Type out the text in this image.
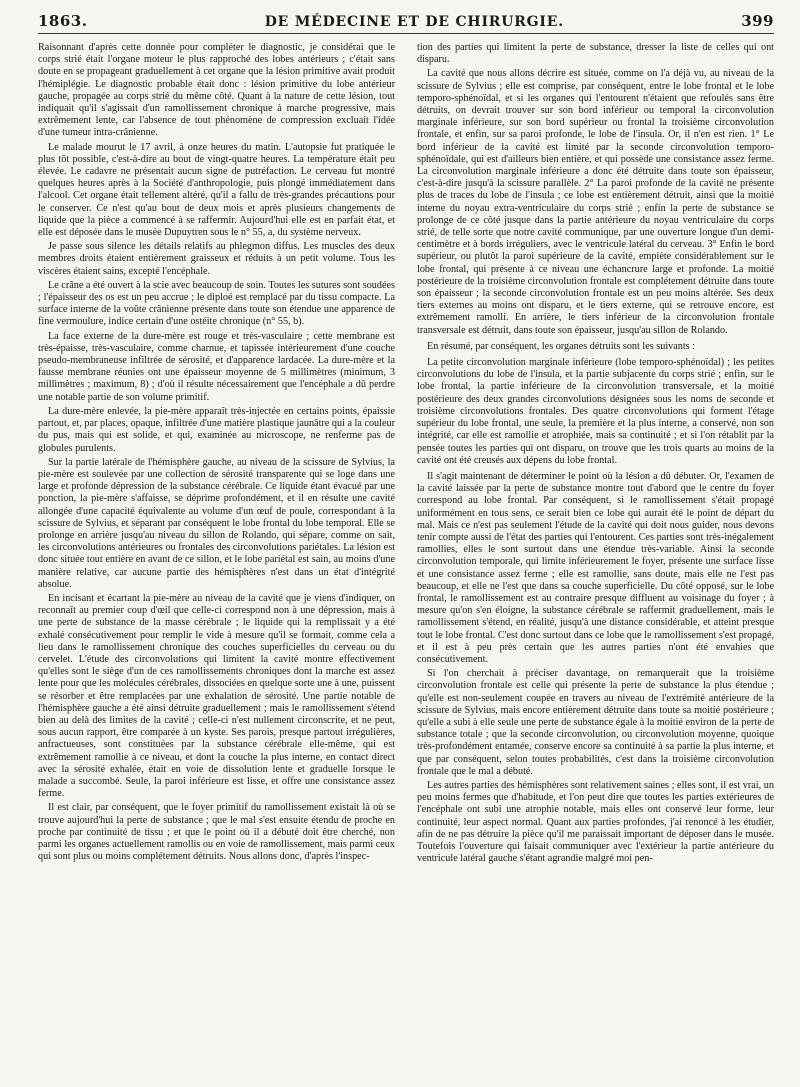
1863.	DE MÉDECINE ET DE CHIRURGIE.	399

Raisonnant d'après cette donnée pour compléter le diagnostic, je considérai que le corps strié était l'organe moteur le plus rapproché des lobes antérieurs ; c'était sans doute en se propageant graduellement à cet organe que la lésion primitive avait produit l'hémiplégie. Le diagnostic probable était donc : lésion primitive du lobe antérieur gauche, propagée au corps strié du même côté. Quant à la nature de cette lésion, tout indiquait qu'il s'agissait d'un ramollissement chronique à marche progressive, mais extrêmement lente, car l'absence de tout phénomène de compression excluait l'idée d'une tumeur intra-crânienne.

Le malade mourut le 17 avril, à onze heures du matin. L'autopsie fut pratiquée le plus tôt possible, c'est-à-dire au bout de vingt-quatre heures. La température était peu élevée. Le cadavre ne présentait aucun signe de putréfaction. Le cerveau fut montré quelques heures après à la Société d'anthropologie, puis plongé immédiatement dans l'alcool. Cet organe était tellement altéré, qu'il a fallu de très-grandes précautions pour le conserver. Ce n'est qu'au bout de deux mois et après plusieurs changements de liquide que la pièce a commencé à se raffermir. Aujourd'hui elle est en parfait état, et elle est déposée dans le musée Dupuytren sous le n° 55, a, du système nerveux.

Je passe sous silence les détails relatifs au phlegmon diffus. Les muscles des deux membres droits étaient entièrement graisseux et réduits à un petit volume. Tous les viscères étaient sains, excepté l'encéphale.

Le crâne a été ouvert à la scie avec beaucoup de soin. Toutes les sutures sont soudées ; l'épaisseur des os est un peu accrue ; le diploé est remplacé par du tissu compacte. La surface interne de la voûte crânienne présente dans toute son étendue une apparence de fine vermoulure, indice certain d'une ostéite chronique (n° 55, b).

La face externe de la dure-mère est rouge et très-vasculaire ; cette membrane est très-épaisse, très-vasculaire, comme charnue, et tapissée intérieurement d'une couche pseudo-membraneuse infiltrée de sérosité, et d'apparence lardacée. La dure-mère et la fausse membrane réunies ont une épaisseur moyenne de 5 millimètres (minimum, 3 millimètres ; maximum, 8) ; d'où il résulte nécessairement que l'encéphale a dû perdre une notable partie de son volume primitif.

La dure-mère enlevée, la pie-mère apparaît très-injectée en certains points, épaissie partout, et, par places, opaque, infiltrée d'une matière plastique jaunâtre qui a la couleur du pus, mais qui est solide, et qui, examinée au microscope, ne renferme pas de globules purulents.

Sur la partie latérale de l'hémisphère gauche, au niveau de la scissure de Sylvius, la pie-mère est soulevée par une collection de sérosité transparente qui se loge dans une large et profonde dépression de la substance cérébrale. Ce liquide étant évacué par une ponction, la pie-mère s'affaisse, se déprime profondément, et il en résulte une cavité allongée d'une capacité équivalente au volume d'un œuf de poule, correspondant à la scissure de Sylvius, et séparant par conséquent le lobe frontal du lobe temporal. Elle se prolonge en arrière jusqu'au niveau du sillon de Rolando, qui sépare, comme on sait, les circonvolutions antérieures ou frontales des circonvolutions pariétales. La lésion est donc située tout entière en avant de ce sillon, et le lobe pariétal est sain, au moins d'une manière relative, car aucune partie des hémisphères n'est dans un état d'intégrité absolue.

En incisant et écartant la pie-mère au niveau de la cavité que je viens d'indiquer, on reconnaît au premier coup d'œil que celle-ci correspond non à une dépression, mais à une perte de substance de la masse cérébrale ; le liquide qui la remplissait y a été exhalé consécutivement pour remplir le vide à mesure qu'il se formait, comme cela a lieu dans le ramollissement chronique des couches superficielles du cerveau ou du cervelet. L'étude des circonvolutions qui limitent la cavité montre effectivement qu'elles sont le siège d'un de ces ramollissements chroniques dont la marche est assez lente pour que les molécules cérébrales, dissociées en quelque sorte une à une, puissent se résorber et être remplacées par une exhalation de sérosité. Une partie notable de l'hémisphère gauche a été ainsi détruite graduellement ; mais le ramollissement s'étend bien au delà des limites de la cavité ; celle-ci n'est nullement circonscrite, et ne peut, sous aucun rapport, être comparée à un kyste. Ses parois, presque partout irrégulières, anfractueuses, sont constituées par la substance cérébrale elle-même, qui est extrêmement ramollie à ce niveau, et dont la couche la plus interne, en contact direct avec la sérosité exhalée, était en voie de dissolution lente et graduelle lorsque le malade a succombé. Seule, la paroi inférieure est lisse, et offre une consistance assez ferme.

Il est clair, par conséquent, que le foyer primitif du ramollissement existait là où se trouve aujourd'hui la perte de substance ; que le mal s'est ensuite étendu de proche en proche par continuité de tissu ; et que le point où il a débuté doit être cherché, non parmi les organes actuellement ramollis ou en voie de ramollissement, mais parmi ceux qui sont plus ou moins complétement détruits. Nous allons donc, d'après l'inspec-

tion des parties qui limitent la perte de substance, dresser la liste de celles qui ont disparu.

La cavité que nous allons décrire est située, comme on l'a déjà vu, au niveau de la scissure de Sylvius ; elle est comprise, par conséquent, entre le lobe frontal et le lobe temporo-sphénoïdal, et si les organes qui l'entourent n'étaient que refoulés sans être détruits, on devrait trouver sur son bord inférieur ou temporal la circonvolution marginale inférieure, sur son bord supérieur ou frontal la troisième circonvolution frontale, et enfin, sur sa paroi profonde, le lobe de l'insula. Or, il n'en est rien. 1° Le bord inférieur de la cavité est limité par la seconde circonvolution temporo-sphénoïdale, qui est d'ailleurs bien entière, et qui possède une consistance assez ferme. La circonvolution marginale inférieure a donc été détruite dans toute son épaisseur, c'est-à-dire jusqu'à la scissure parallèle. 2° La paroi profonde de la cavité ne présente plus de traces du lobe de l'insula ; ce lobe est entièrement détruit, ainsi que la moitié interne du noyau extra-ventriculaire du corps strié ; enfin la perte de substance se prolonge de ce côté jusque dans la partie antérieure du noyau ventriculaire du corps strié, de telle sorte que notre cavité communique, par une ouverture longue d'un demi-centimètre et à bords irréguliers, avec le ventricule latéral du cerveau. 3° Enfin le bord supérieur, ou plutôt la paroi supérieure de la cavité, empiète considérablement sur le lobe frontal, qui présente à ce niveau une échancrure large et profonde. La moitié postérieure de la troisième circonvolution frontale est complétement détruite dans toute son épaisseur ; la seconde circonvolution frontale est un peu moins altérée. Ses deux tiers externes au moins ont disparu, et le tiers externe, qui se retrouve encore, est extrêmement ramolli. En arrière, le tiers inférieur de la circonvolution frontale transversale est détruit, dans toute son épaisseur, jusqu'au sillon de Rolando.

En résumé, par conséquent, les organes détruits sont les suivants :

La petite circonvolution marginale inférieure (lobe temporo-sphénoïdal) ; les petites circonvolutions du lobe de l'insula, et la partie subjacente du corps strié ; enfin, sur le lobe frontal, la partie inférieure de la circonvolution transversale, et la moitié postérieure des deux grandes circonvolutions désignées sous les noms de seconde et troisième circonvolutions frontales. Des quatre circonvolutions qui forment l'étage supérieur du lobe frontal, une seule, la première et la plus interne, a conservé, non son intégrité, car elle est ramollie et atrophiée, mais sa continuité ; et si l'on rétablit par la pensée toutes les parties qui ont disparu, on trouve que les trois quarts au moins de la cavité ont été creusés aux dépens du lobe frontal.

Il s'agit maintenant de déterminer le point où la lésion a dû débuter. Or, l'examen de la cavité laissée par la perte de substance montre tout d'abord que le centre du foyer correspond au lobe frontal. Par conséquent, si le ramollissement s'était propagé uniformément en tous sens, ce serait bien ce lobe qui aurait été le point de départ du mal. Mais ce n'est pas seulement l'étude de la cavité qui doit nous guider, nous devons tenir compte aussi de l'état des parties qui l'entourent. Ces parties sont très-inégalement ramollies, elles le sont surtout dans une étendue très-variable. Ainsi la seconde circonvolution temporale, qui limite inférieurement le foyer, présente une surface lisse et une consistance assez ferme ; elle est ramollie, sans doute, mais elle ne l'est pas beaucoup, et elle ne l'est que dans sa couche superficielle. Du côté opposé, sur le lobe frontal, le ramollissement est au contraire presque diffluent au voisinage du foyer ; à mesure qu'on s'en éloigne, la substance cérébrale se raffermit graduellement, mais le ramollissement s'étend, en réalité, jusqu'à une distance considérable, et atteint presque tout le lobe frontal. C'est donc surtout dans ce lobe que le ramollissement s'est propagé, et il est à peu près certain que les autres parties n'ont été envahies que consécutivement.

Si l'on cherchait à préciser davantage, on remarquerait que la troisième circonvolution frontale est celle qui présente la perte de substance la plus étendue ; qu'elle est non-seulement coupée en travers au niveau de l'extrémité antérieure de la scissure de Sylvius, mais encore entièrement détruite dans toute sa moitié postérieure ; qu'elle a subi à elle seule une perte de substance égale à la moitié environ de la perte de substance totale ; que la seconde circonvolution, ou circonvolution moyenne, quoique très-profondément entamée, conserve encore sa continuité à sa partie la plus interne, et que par conséquent, selon toutes probabilités, c'est dans la troisième circonvolution frontale que le mal a débuté.

Les autres parties des hémisphères sont relativement saines ; elles sont, il est vrai, un peu moins fermes que d'habitude, et l'on peut dire que toutes les parties extérieures de l'encéphale ont subi une atrophie notable, mais elles ont conservé leur forme, leur continuité, leur aspect normal. Quant aux parties profondes, j'ai renoncé à les étudier, afin de ne pas détruire la pièce qu'il me paraissait important de déposer dans le musée. Toutefois l'ouverture qui faisait communiquer avec l'extérieur la partie antérieure du ventricule latéral gauche s'étant agrandie malgré moi pen-
